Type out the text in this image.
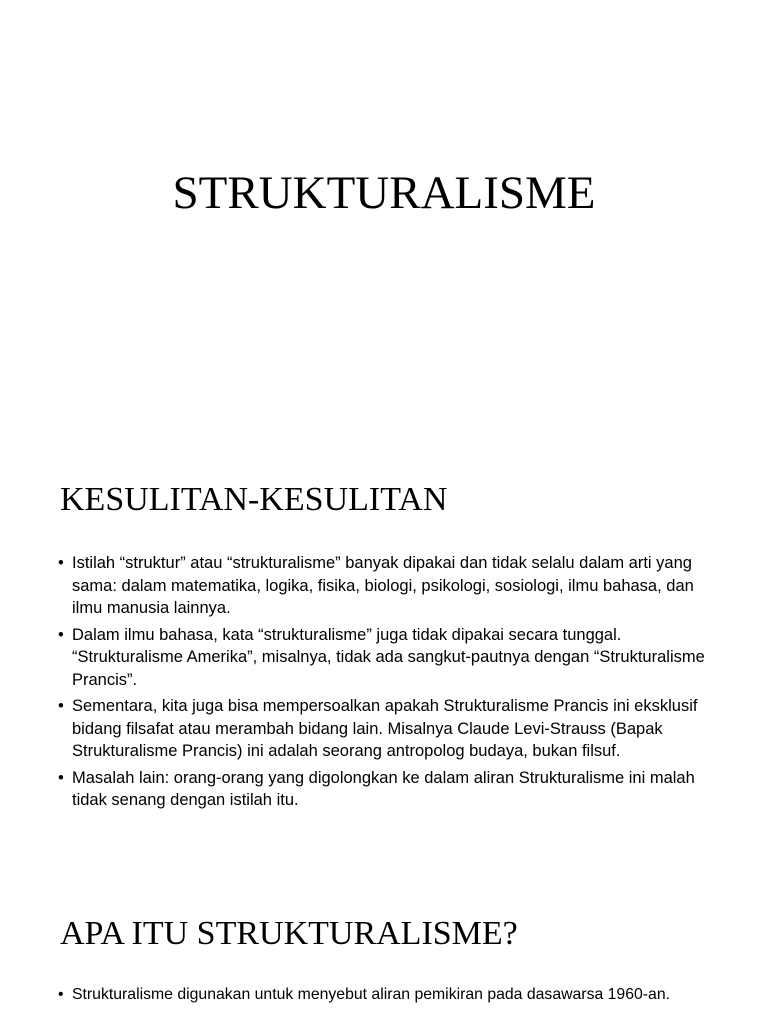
STRUKTURALISME
KESULITAN-KESULITAN
• Istilah “struktur” atau “strukturalisme” banyak dipakai dan tidak selalu dalam arti yang sama: dalam matematika, logika, fisika, biologi, psikologi, sosiologi, ilmu bahasa, dan ilmu manusia lainnya.
• Dalam ilmu bahasa, kata “strukturalisme” juga tidak dipakai secara tunggal. “Strukturalisme Amerika”, misalnya, tidak ada sangkut-pautnya dengan “Strukturalisme Prancis”.
• Sementara, kita juga bisa mempersoalkan apakah Strukturalisme Prancis ini eksklusif bidang filsafat atau merambah bidang lain. Misalnya Claude Levi-Strauss (Bapak Strukturalisme Prancis) ini adalah seorang antropolog budaya, bukan filsuf.
• Masalah lain: orang-orang yang digolongkan ke dalam aliran Strukturalisme ini malah tidak senang dengan istilah itu.
APA ITU STRUKTURALISME?
• Strukturalisme digunakan untuk menyebut aliran pemikiran pada dasawarsa 1960-an.
